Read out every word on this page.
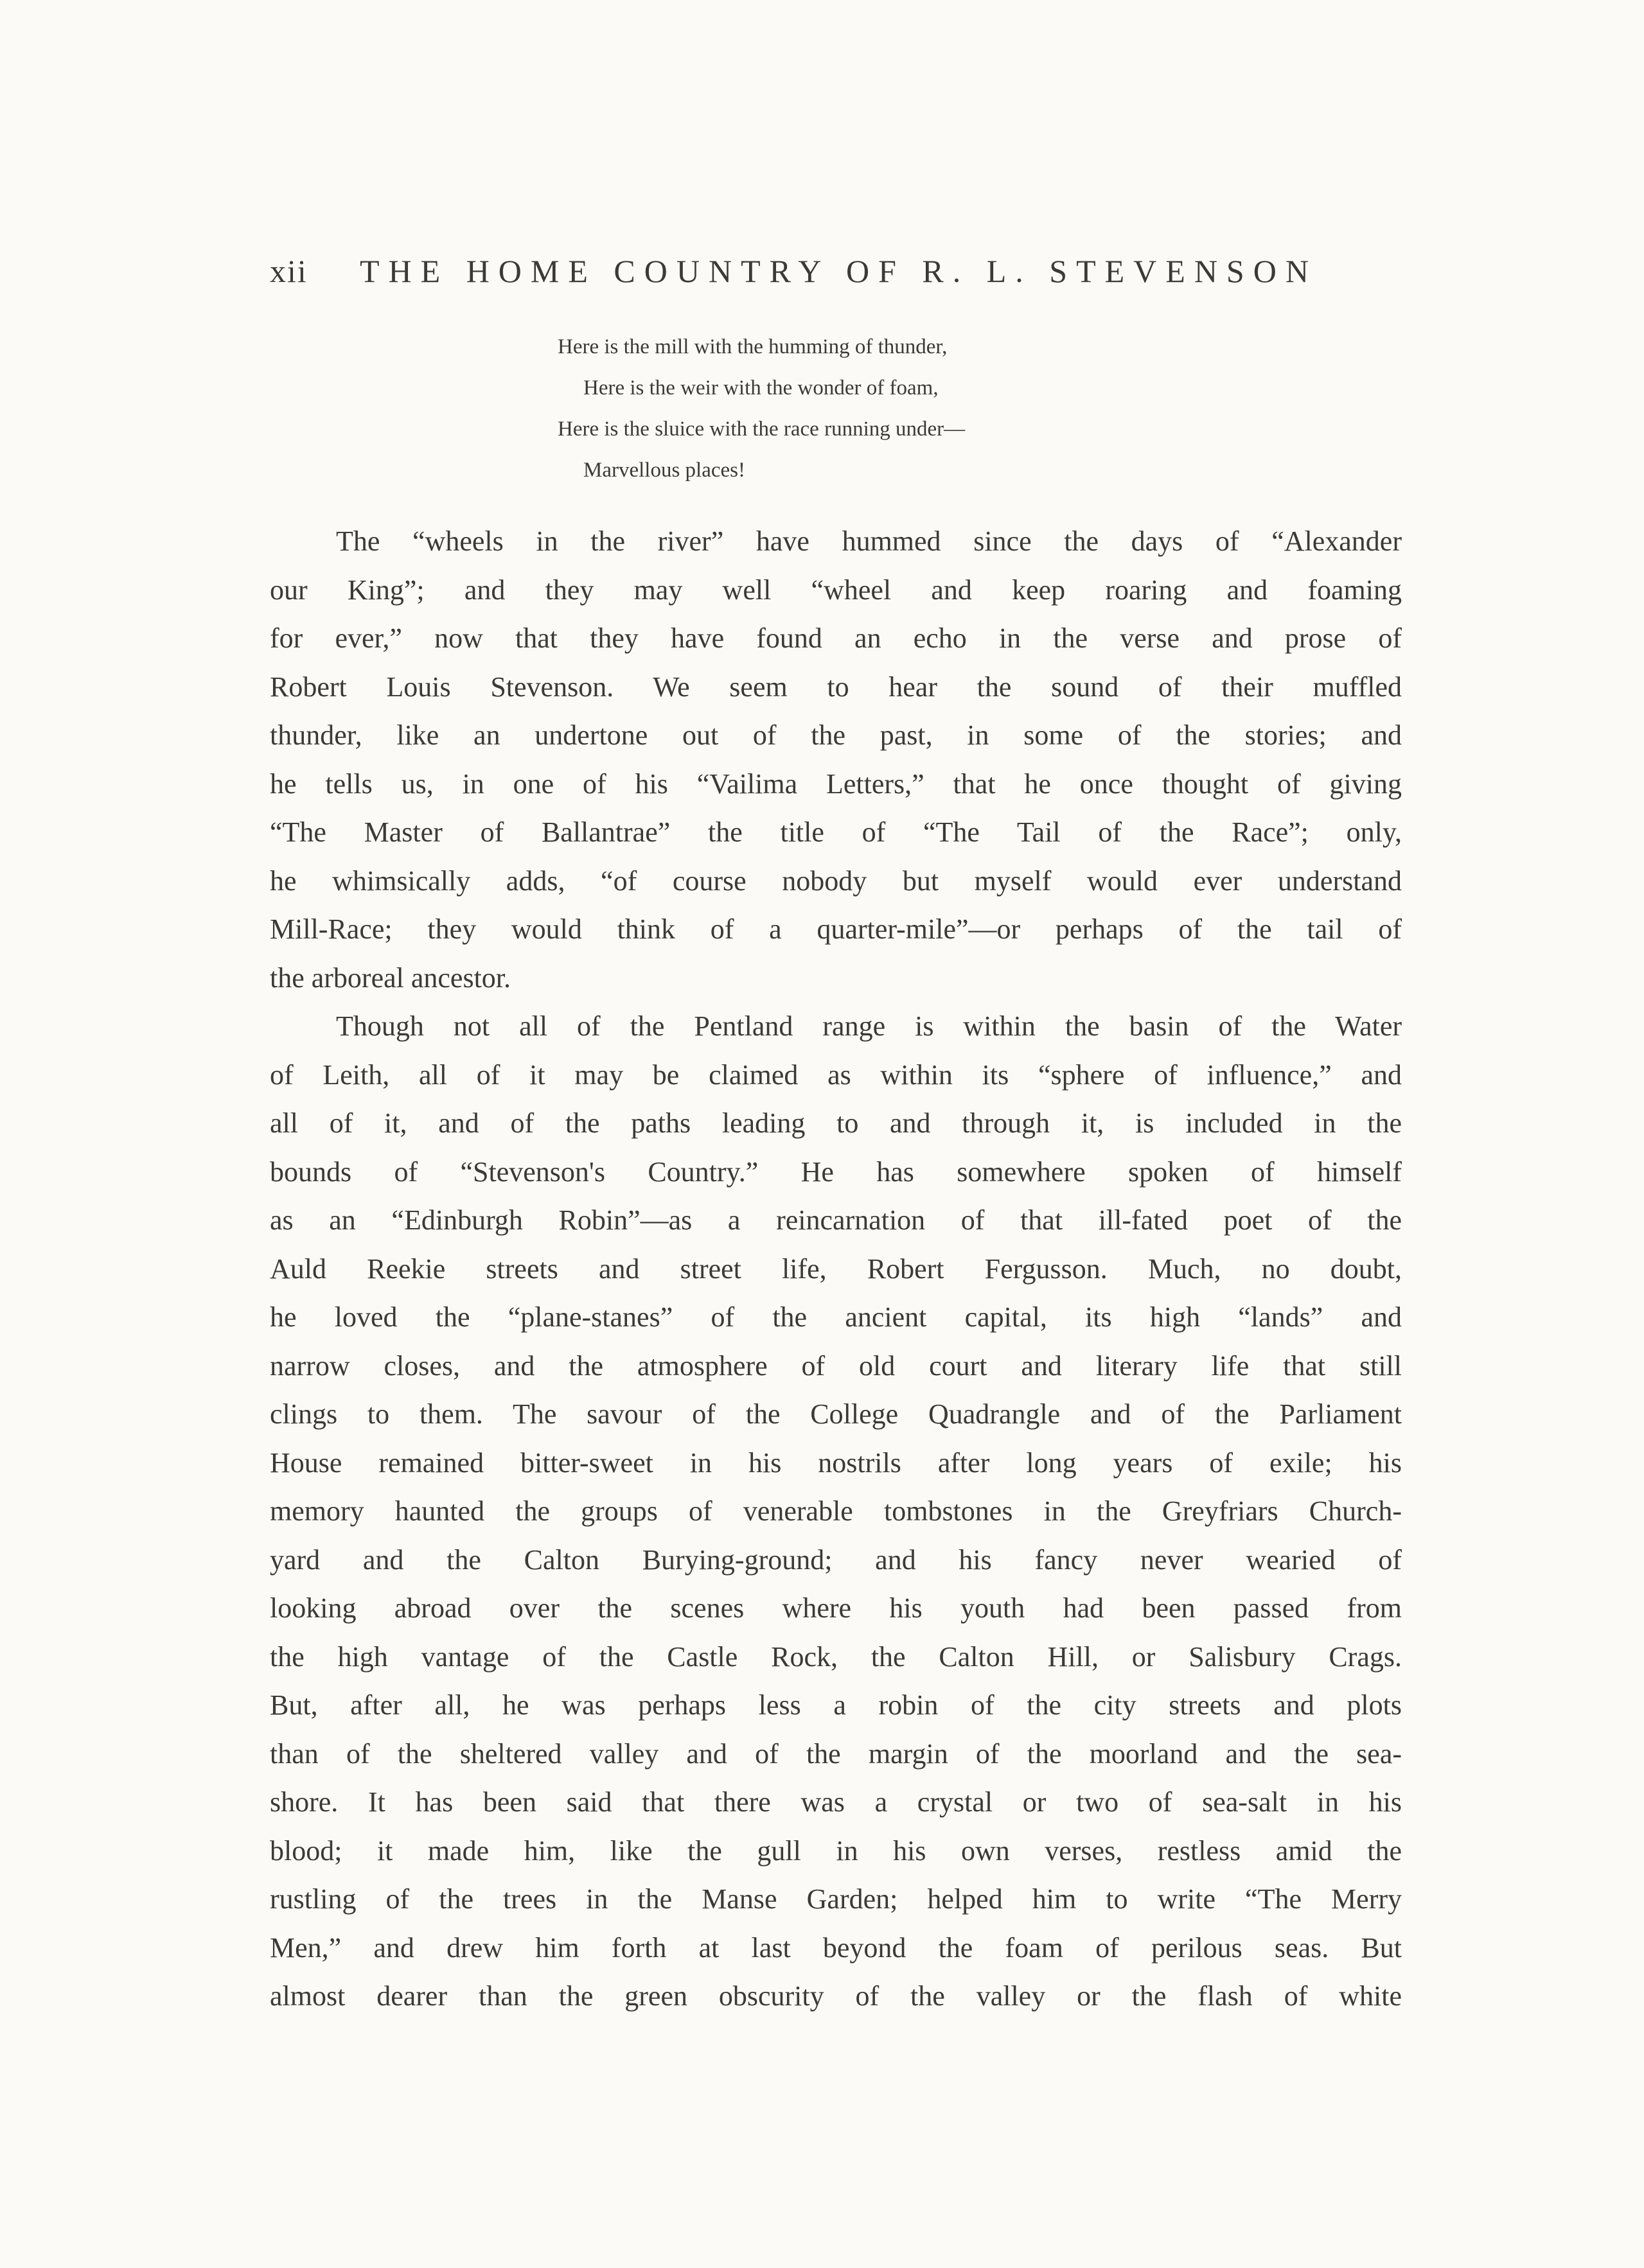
xii THE HOME COUNTRY OF R. L. STEVENSON
Here is the mill with the humming of thunder,
Here is the weir with the wonder of foam,
Here is the sluice with the race running under—
Marvellous places!
The “wheels in the river” have hummed since the days of “Alexander
our King”; and they may well “wheel and keep roaring and foaming
for ever,” now that they have found an echo in the verse and prose of
Robert Louis Stevenson. We seem to hear the sound of their muffled
thunder, like an undertone out of the past, in some of the stories; and
he tells us, in one of his “Vailima Letters,” that he once thought of giving
“The Master of Ballantrae” the title of “The Tail of the Race”; only,
he whimsically adds, “of course nobody but myself would ever understand
Mill-Race; they would think of a quarter-mile”—or perhaps of the tail of
the arboreal ancestor.
Though not all of the Pentland range is within the basin of the Water
of Leith, all of it may be claimed as within its “sphere of influence,” and
all of it, and of the paths leading to and through it, is included in the
bounds of “Stevenson's Country.” He has somewhere spoken of himself
as an “Edinburgh Robin”—as a reincarnation of that ill-fated poet of the
Auld Reekie streets and street life, Robert Fergusson. Much, no doubt,
he loved the “plane-stanes” of the ancient capital, its high “lands” and
narrow closes, and the atmosphere of old court and literary life that still
clings to them. The savour of the College Quadrangle and of the Parliament
House remained bitter-sweet in his nostrils after long years of exile; his
memory haunted the groups of venerable tombstones in the Greyfriars Church-
yard and the Calton Burying-ground; and his fancy never wearied of
looking abroad over the scenes where his youth had been passed from
the high vantage of the Castle Rock, the Calton Hill, or Salisbury Crags.
But, after all, he was perhaps less a robin of the city streets and plots
than of the sheltered valley and of the margin of the moorland and the sea-
shore. It has been said that there was a crystal or two of sea-salt in his
blood; it made him, like the gull in his own verses, restless amid the
rustling of the trees in the Manse Garden; helped him to write “The Merry
Men,” and drew him forth at last beyond the foam of perilous seas. But
almost dearer than the green obscurity of the valley or the flash of white
